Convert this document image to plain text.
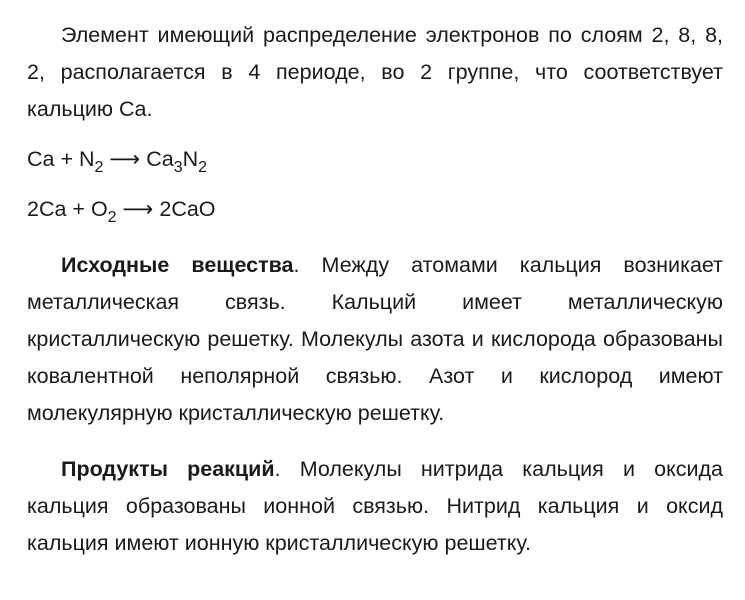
Элемент имеющий распределение электронов по слоям 2, 8, 8, 2, располагается в 4 периоде, во 2 группе, что соответствует кальцию Ca.

$Ca + N_2$ ⟶ $Ca_3N_2$
$2Ca + O_2$ ⟶ 2CaO

Исходные вещества. Между атомами кальция возникает металлическая связь. Кальций имеет металлическую кристаллическую решетку. Молекулы азота и кислорода образованы ковалентной неполярной связью. Азот и кислород имеют молекулярную кристаллическую решетку.

Продукты реакций. Молекулы нитрида кальция и оксида кальция образованы ионной связью. Нитрид кальция и оксид кальция имеют ионную кристаллическую решетку.
